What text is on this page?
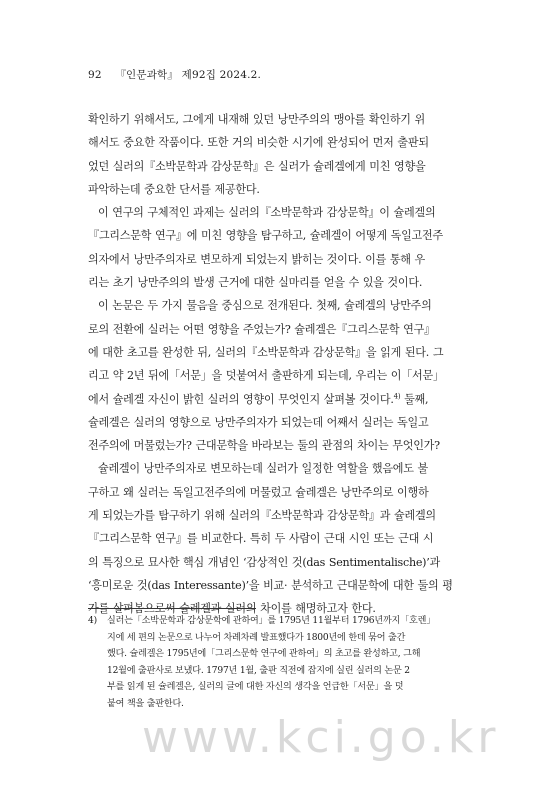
92 『인문과학』 제92집 2024.2.
확인하기 위해서도, 그에게 내재해 있던 낭만주의의 맹아를 확인하기 위
해서도 중요한 작품이다. 또한 거의 비슷한 시기에 완성되어 먼저 출판되
었던 실러의『소박문학과 감상문학』은 실러가 슐레겔에게 미친 영향을
파악하는데 중요한 단서를 제공한다.
이 연구의 구체적인 과제는 실러의『소박문학과 감상문학』이 슐레겔의
『그리스문학 연구』에 미친 영향을 탐구하고, 슐레겔이 어떻게 독일고전주
의자에서 낭만주의자로 변모하게 되었는지 밝히는 것이다. 이를 통해 우
리는 초기 낭만주의의 발생 근거에 대한 실마리를 얻을 수 있을 것이다.
이 논문은 두 가지 물음을 중심으로 전개된다. 첫째, 슐레겔의 낭만주의
로의 전환에 실러는 어떤 영향을 주었는가? 슐레겔은『그리스문학 연구』
에 대한 초고를 완성한 뒤, 실러의『소박문학과 감상문학』을 읽게 된다. 그
리고 약 2년 뒤에「서문」을 덧붙여서 출판하게 되는데, 우리는 이「서문」
에서 슐레겔 자신이 밝힌 실러의 영향이 무엇인지 살펴볼 것이다.$^{4)}$ 둘째,
슐레겔은 실러의 영향으로 낭만주의자가 되었는데 어째서 실러는 독일고
전주의에 머물렀는가? 근대문학을 바라보는 둘의 관점의 차이는 무엇인가?
슐레겔이 낭만주의자로 변모하는데 실러가 일정한 역할을 했음에도 불
구하고 왜 실러는 독일고전주의에 머물렀고 슐레겔은 낭만주의로 이행하
게 되었는가를 탐구하기 위해 실러의『소박문학과 감상문학』과 슐레겔의
『그리스문학 연구』를 비교한다. 특히 두 사람이 근대 시인 또는 근대 시
의 특징으로 묘사한 핵심 개념인 ‘감상적인 것(das Sentimentalische)’과
‘흥미로운 것(das Interessante)’을 비교· 분석하고 근대문학에 대한 둘의 평
가를 살펴봄으로써 슐레겔과 실러의 차이를 해명하고자 한다.
4) 실러는「소박문학과 감상문학에 관하여」를 1795년 11월부터 1796년까지「호렌」
지에 세 편의 논문으로 나누어 차례차례 발표했다가 1800년에 한데 묶어 출간
했다. 슐레겔은 1795년에「그리스문학 연구에 관하여」의 초고를 완성하고, 그해
12월에 출판사로 보냈다. 1797년 1월, 출판 직전에 잡지에 실린 실러의 논문 2
부를 읽게 된 슐레겔은, 실러의 글에 대한 자신의 생각을 언급한「서문」을 덧
붙여 책을 출판한다.
www.kci.go.kr
